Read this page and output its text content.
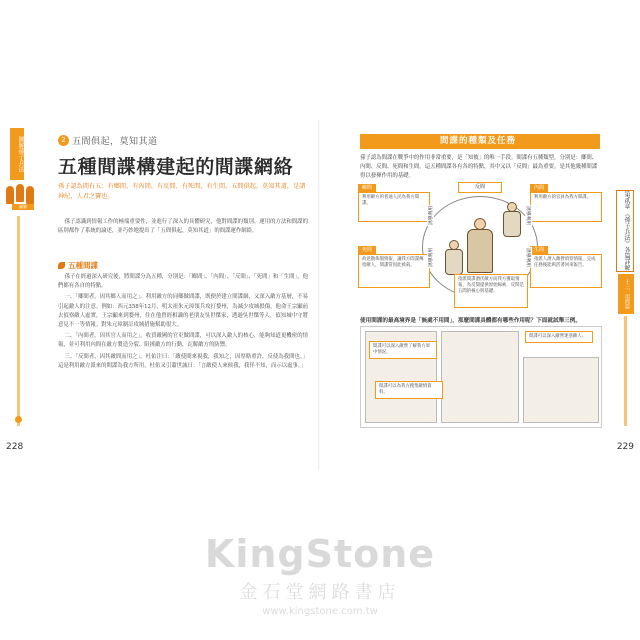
圖解孫子兵法
圖解
2 五間俱起，莫知其道
五種間諜構建起的間諜網絡
孫子認為間有五：有鄉間、有內間、有反間、有死間、有生間。五間俱起，莫知其道，是謂神紀，人君之寶也。

孫子認識到情報工作的極端重要性，並進行了深入的具體研究，他對間諜的類別、運用的方法和間諜的區別都作了系統的論述，並巧妙地提出了「五間俱起，莫知其道」的間諜運作網絡。

五種間諜

孫子在經過深入研究後，將間諜分為五種，分別是：「鄉間」、「內間」、「反間」、「死間」和「生間」，他們都有各自的特點。

一、「鄉間者，因其鄉人而用之」。利用敵方的同鄉做間諜，既便於建立間諜網，又深入敵方基層，不易引起敵人的注意。例如：西元358年12月，明太祖朱元璋領兵攻打婺州，為減少攻城損傷，他命王宗顯前去偵察敵人虛實，王宗顯來到婺州，住在他曾經相識的老朋友吳世傑家，透過吳世傑等人，偵知城中守將意見不一等情報。對朱元璋制訂攻城措施幫助很大。

二、「內間者，因其官人而用之」。收買敵國的官吏做間諜，可以深入敵人的核心，能夠知道更機密的情報，並可利用內間在敵方製造分裂、阻撓敵方的行動，瓦解敵方的防禦。

三、「反間者，因其敵間而用之」。杜佑注曰：「敵使間來視我，我知之，因厚賂重許，反使為我間也。」這是利用敵方派來的間諜為我方所用，杜佑又引蕭世誠曰：「言敵使人來候我，我佯不知，而示以虛事。」

228
間諜的種類及任務
孫子認為間諜在戰爭中的作用非常重要，是「知彼」的唯一手段。間諜有五種類型，分別是：鄉間、內間、反間、死間和生間。這五種間諜各有各的特點，其中又以「反間」最為重要，是其他幾種間諜得以發揮作用的基礎。
反間
利用敵方的普通人民為我方間諜。
鄉間
利用敵方的官員為我方間諜。
內間
故意散佈假情報，讓我方間諜傳給敵人，間諜常因此被殺。
死間
指派人潛入敵營偵察情報，完成任務後能夠活著回來報告。
生間
指派間諜潛伏敵方而我方獲取情報，為反間提供原始線索，反間是五間的核心與基礎。
誘導利用	誘導利用
誘導利用	誘導利用
使用間諜的最高境界是「無處不用間」，那麼間諜具體都有哪些作用呢？下面就試舉三例。
間諜可以深入敵營了解我方軍中情況。
間諜可以為我方搜集敵情資料。
間諜可以深入敵營迷惑敵人。
第貳章 《孫子兵法》各篇詳解
十三、用間篇
229
KingStone
金石堂網路書店
www.kingstone.com.tw
